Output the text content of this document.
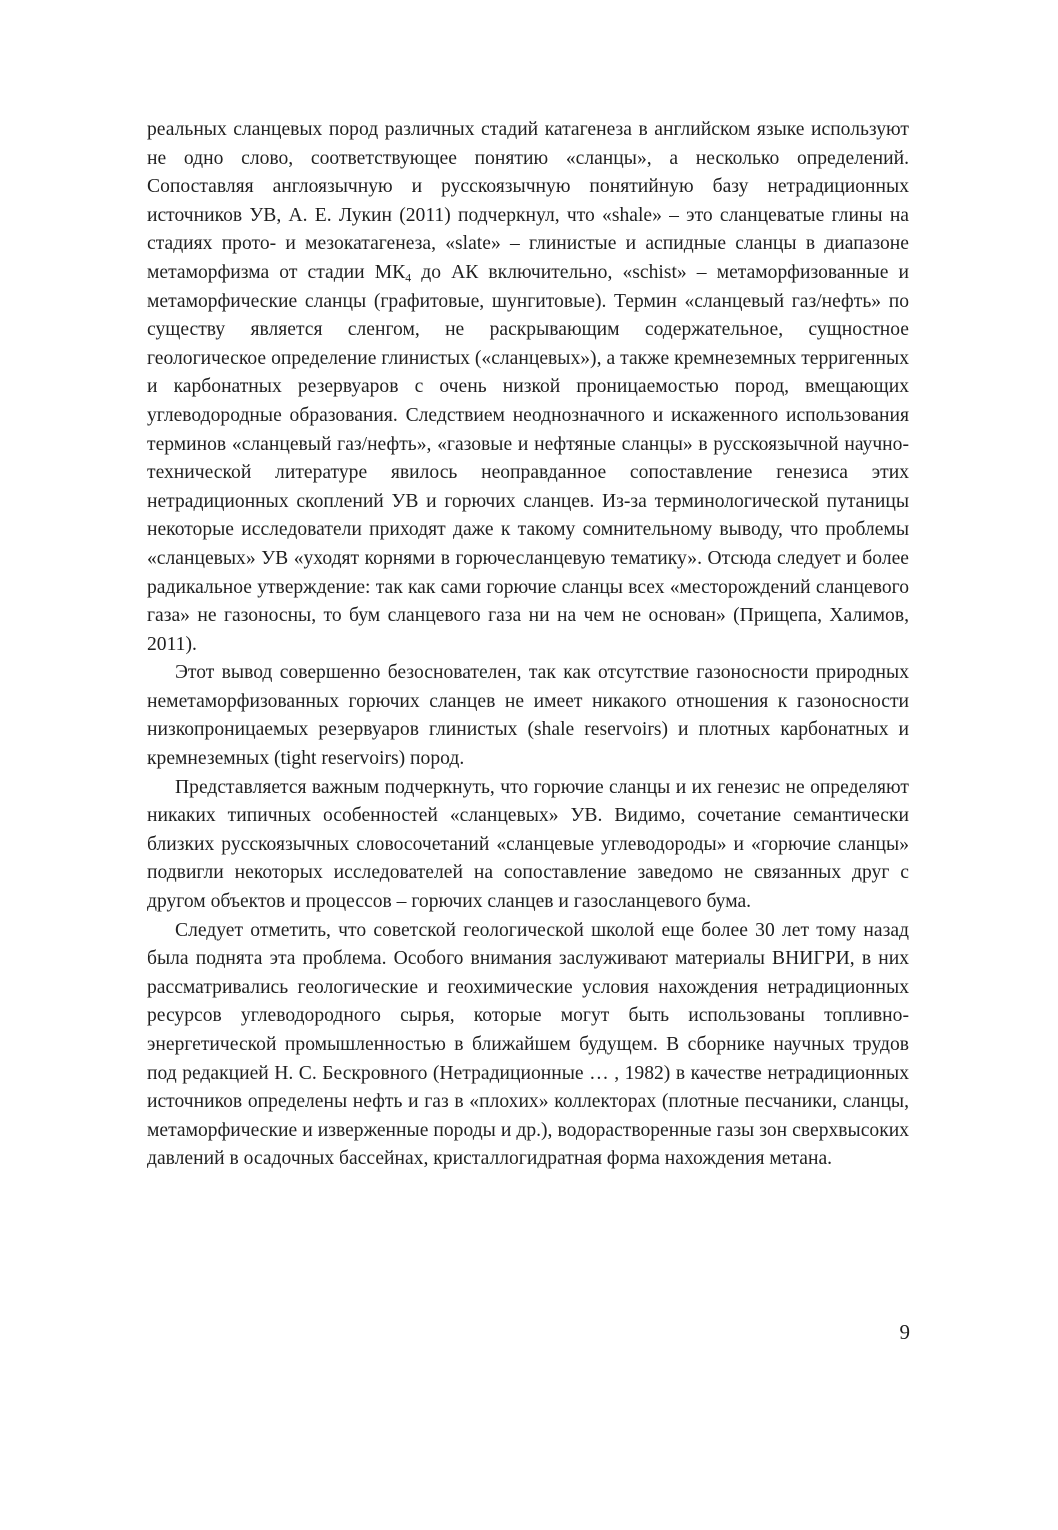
реальных сланцевых пород различных стадий катагенеза в английском языке используют не одно слово, соответствующее понятию «сланцы», а несколько определений. Сопоставляя англоязычную и русскоязычную понятийную базу нетрадиционных источников УВ, А. Е. Лукин (2011) подчеркнул, что «shale» – это сланцеватые глины на стадиях прото- и мезокатагенеза, «slate» – глинистые и аспидные сланцы в диапазоне метаморфизма от стадии $МК_4$ до АК включительно, «schist» – метаморфизованные и метаморфические сланцы (графитовые, шунгитовые). Термин «сланцевый газ/нефть» по существу является сленгом, не раскрывающим содержательное, сущностное геологическое определение глинистых («сланцевых»), а также кремнеземных терригенных и карбонатных резервуаров с очень низкой проницаемостью пород, вмещающих углеводородные образования. Следствием неоднозначного и искаженного использования терминов «сланцевый газ/нефть», «газовые и нефтяные сланцы» в русскоязычной научно-технической литературе явилось неоправданное сопоставление генезиса этих нетрадиционных скоплений УВ и горючих сланцев. Из-за терминологической путаницы некоторые исследователи приходят даже к такому сомнительному выводу, что проблемы «сланцевых» УВ «уходят корнями в горючесланцевую тематику». Отсюда следует и более радикальное утверждение: так как сами горючие сланцы всех «месторождений сланцевого газа» не газоносны, то бум сланцевого газа ни на чем не основан» (Прищепа, Халимов, 2011).

Этот вывод совершенно безоснователен, так как отсутствие газоносности природных неметаморфизованных горючих сланцев не имеет никакого отношения к газоносности низкопроницаемых резервуаров глинистых (shale reservoirs) и плотных карбонатных и кремнеземных (tight reservoirs) пород.

Представляется важным подчеркнуть, что горючие сланцы и их генезис не определяют никаких типичных особенностей «сланцевых» УВ. Видимо, сочетание семантически близких русскоязычных словосочетаний «сланцевые углеводороды» и «горючие сланцы» подвигли некоторых исследователей на сопоставление заведомо не связанных друг с другом объектов и процессов – горючих сланцев и газосланцевого бума.

Следует отметить, что советской геологической школой еще более 30 лет тому назад была поднята эта проблема. Особого внимания заслуживают материалы ВНИГРИ, в них рассматривались геологические и геохимические условия нахождения нетрадиционных ресурсов углеводородного сырья, которые могут быть использованы топливно-энергетической промышленностью в ближайшем будущем. В сборнике научных трудов под редакцией Н. С. Бескровного (Нетрадиционные … , 1982) в качестве нетрадиционных источников определены нефть и газ в «плохих» коллекторах (плотные песчаники, сланцы, метаморфические и изверженные породы и др.), водорастворенные газы зон сверхвысоких давлений в осадочных бассейнах, кристаллогидратная форма нахождения метана.

9
